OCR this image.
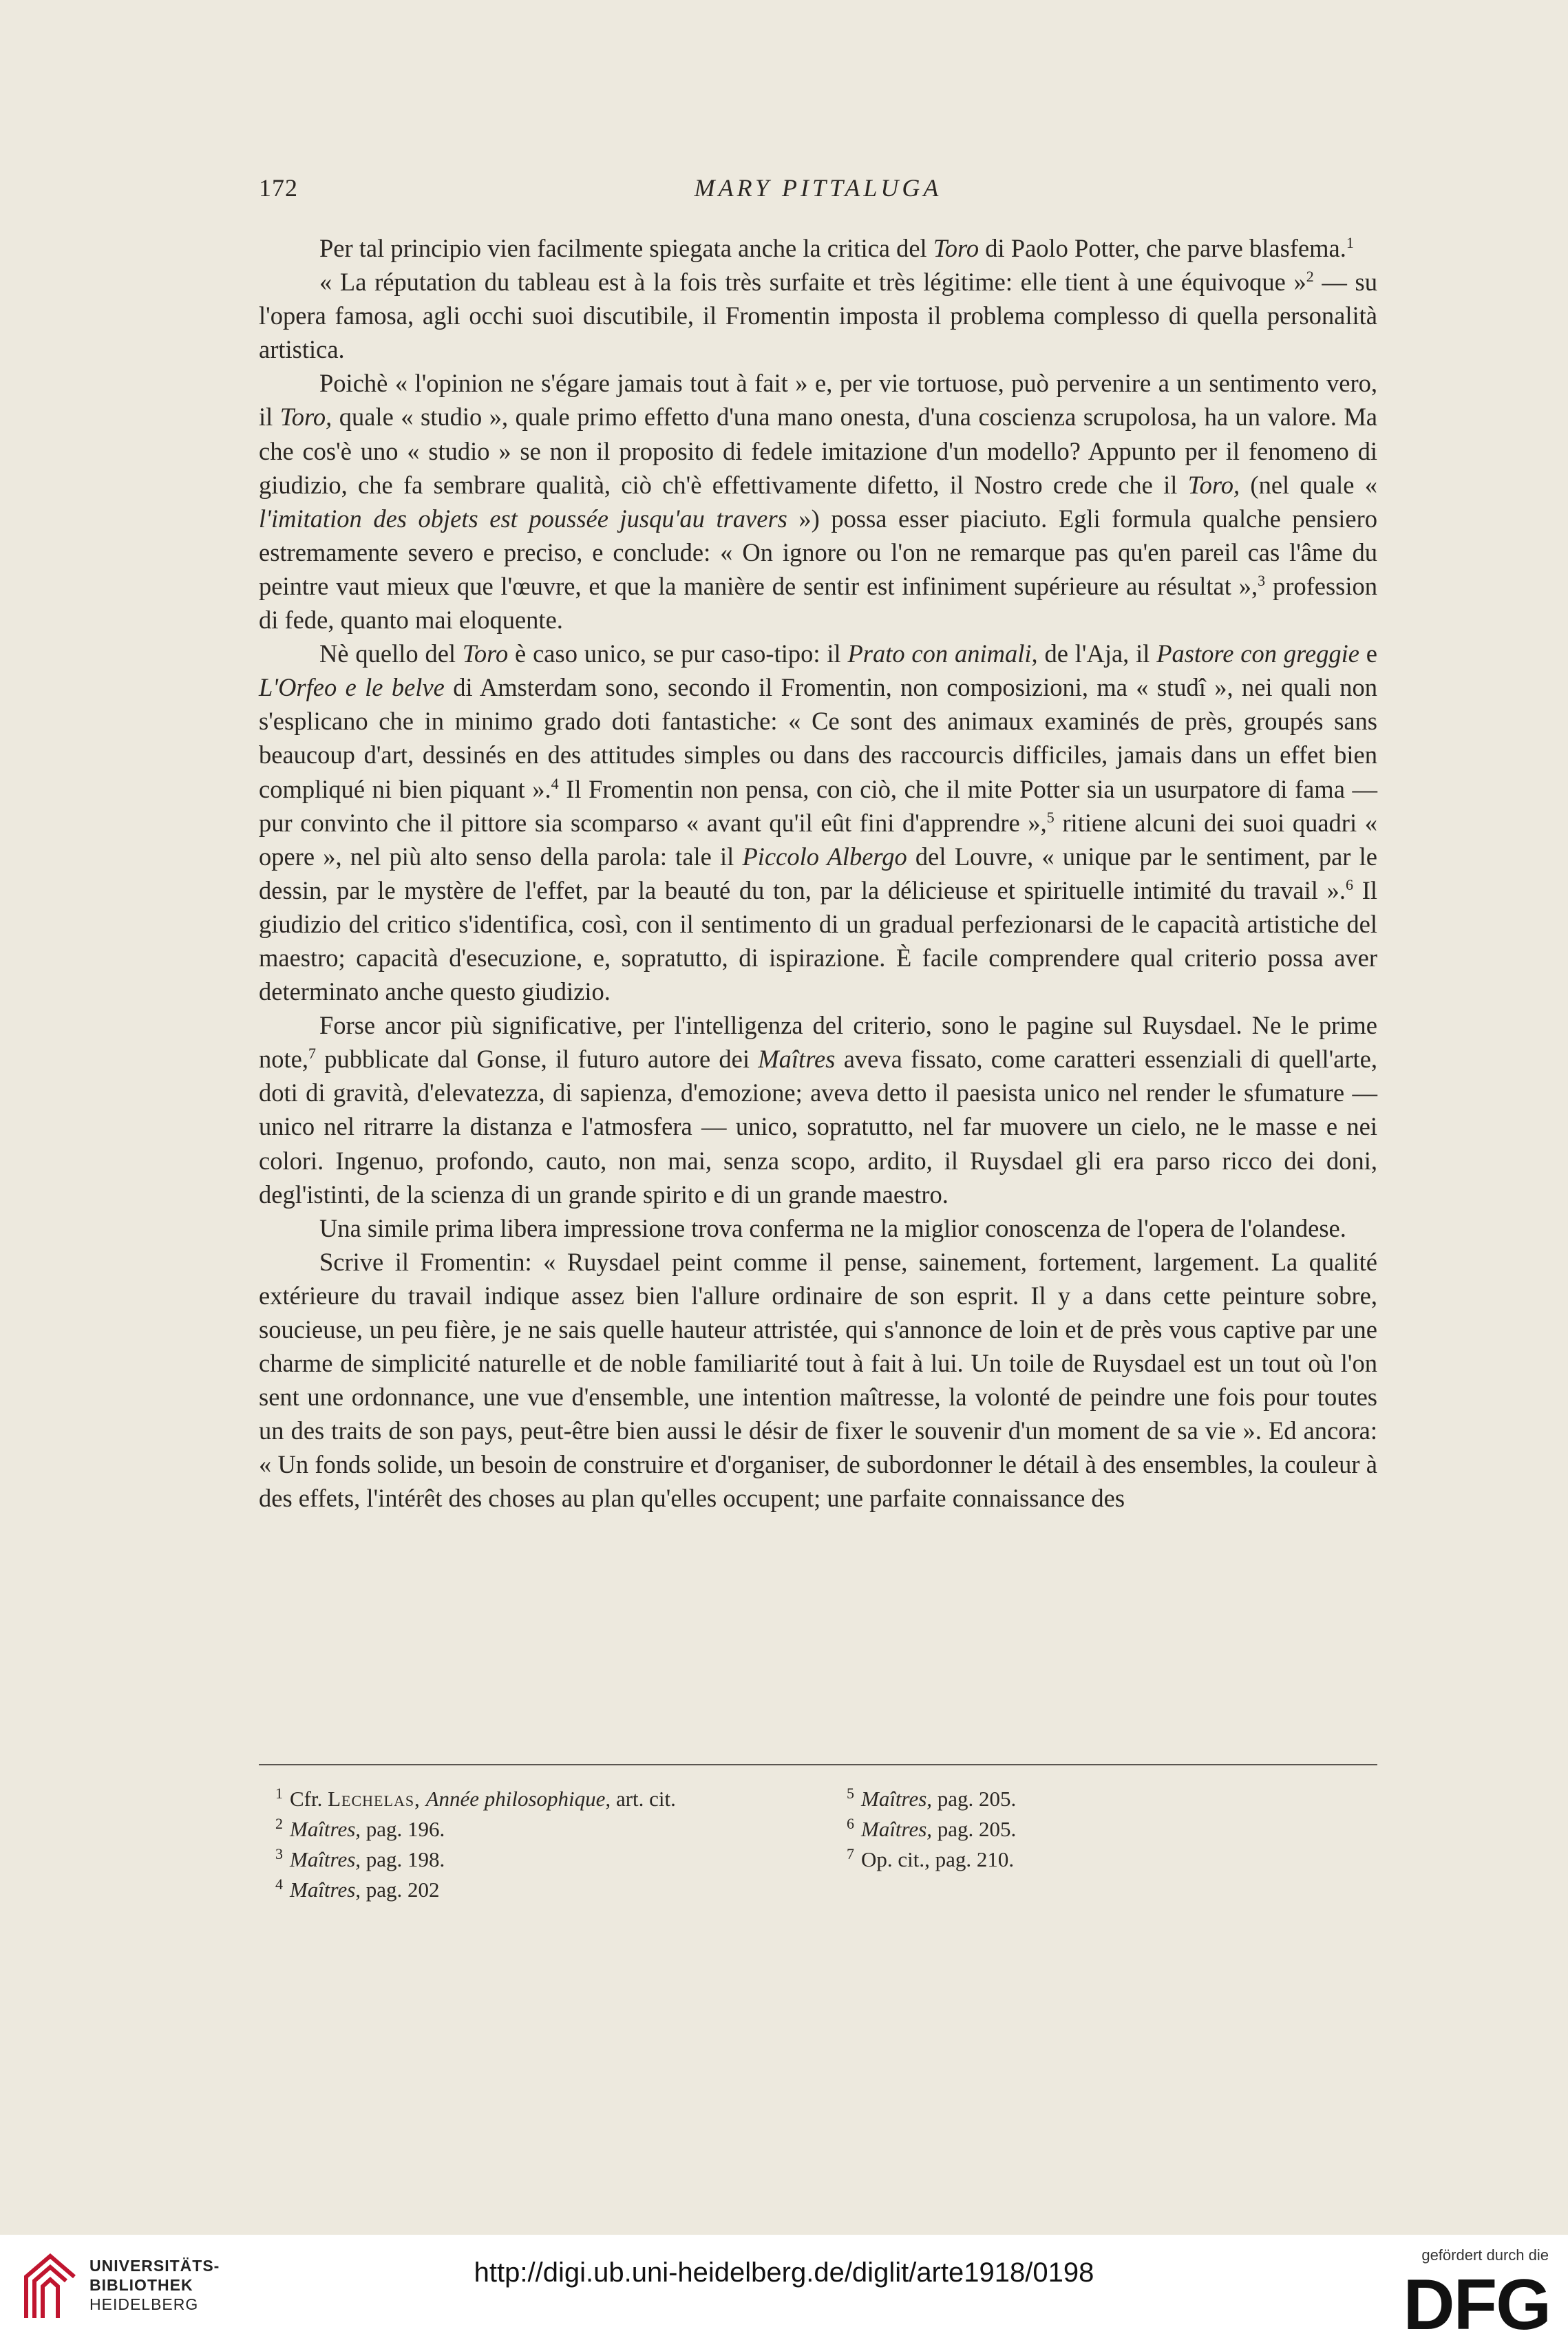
172	MARY PITTALUGA

Per tal principio vien facilmente spiegata anche la critica del Toro di Paolo Potter, che parve blasfema.$^1$

« La réputation du tableau est à la fois très surfaite et très légitime: elle tient à une équivoque »$^2$ — su l'opera famosa, agli occhi suoi discutibile, il Fromentin imposta il problema complesso di quella personalità artistica.

Poichè « l'opinion ne s'égare jamais tout à fait » e, per vie tortuose, può pervenire a un sentimento vero, il Toro, quale « studio », quale primo effetto d'una mano onesta, d'una coscienza scrupolosa, ha un valore. Ma che cos'è uno « studio » se non il proposito di fedele imitazione d'un modello? Appunto per il fenomeno di giudizio, che fa sembrare qualità, ciò ch'è effettivamente difetto, il Nostro crede che il Toro, (nel quale « l'imitation des objets est poussée jusqu'au travers ») possa esser piaciuto. Egli formula qualche pensiero estremamente severo e preciso, e conclude: « On ignore ou l'on ne remarque pas qu'en pareil cas l'âme du peintre vaut mieux que l'œuvre, et que la manière de sentir est infiniment supérieure au résultat »,$^3$ profession di fede, quanto mai eloquente.

Nè quello del Toro è caso unico, se pur caso-tipo: il Prato con animali, de l'Aja, il Pastore con greggie e L'Orfeo e le belve di Amsterdam sono, secondo il Fromentin, non composizioni, ma « studî », nei quali non s'esplicano che in minimo grado doti fantastiche: « Ce sont des animaux examinés de près, groupés sans beaucoup d'art, dessinés en des attitudes simples ou dans des raccourcis difficiles, jamais dans un effet bien compliqué ni bien piquant ».$^4$ Il Fromentin non pensa, con ciò, che il mite Potter sia un usurpatore di fama — pur convinto che il pittore sia scomparso « avant qu'il eût fini d'apprendre »,$^5$ ritiene alcuni dei suoi quadri « opere », nel più alto senso della parola: tale il Piccolo Albergo del Louvre, « unique par le sentiment, par le dessin, par le mystère de l'effet, par la beauté du ton, par la délicieuse et spirituelle intimité du travail ».$^6$ Il giudizio del critico s'identifica, così, con il sentimento di un gradual perfezionarsi de le capacità artistiche del maestro; capacità d'esecuzione, e, sopratutto, di ispirazione. È facile comprendere qual criterio possa aver determinato anche questo giudizio.

Forse ancor più significative, per l'intelligenza del criterio, sono le pagine sul Ruysdael. Ne le prime note,$^7$ pubblicate dal Gonse, il futuro autore dei Maîtres aveva fissato, come caratteri essenziali di quell'arte, doti di gravità, d'elevatezza, di sapienza, d'emozione; aveva detto il paesista unico nel render le sfumature — unico nel ritrarre la distanza e l'atmosfera — unico, sopratutto, nel far muovere un cielo, ne le masse e nei colori. Ingenuo, profondo, cauto, non mai, senza scopo, ardito, il Ruysdael gli era parso ricco dei doni, degl'istinti, de la scienza di un grande spirito e di un grande maestro.

Una simile prima libera impressione trova conferma ne la miglior conoscenza de l'opera de l'olandese.

Scrive il Fromentin: « Ruysdael peint comme il pense, sainement, fortement, largement. La qualité extérieure du travail indique assez bien l'allure ordinaire de son esprit. Il y a dans cette peinture sobre, soucieuse, un peu fière, je ne sais quelle hauteur attristée, qui s'annonce de loin et de près vous captive par une charme de simplicité naturelle et de noble familiarité tout à fait à lui. Un toile de Ruysdael est un tout où l'on sent une ordonnance, une vue d'ensemble, une intention maîtresse, la volonté de peindre une fois pour toutes un des traits de son pays, peut-être bien aussi le désir de fixer le souvenir d'un moment de sa vie ». Ed ancora: « Un fonds solide, un besoin de construire et d'organiser, de subordonner le détail à des ensembles, la couleur à des effets, l'intérêt des choses au plan qu'elles occupent; une parfaite connaissance des

$^1$ Cfr. Lechelas, Année philosophique, art. cit.
$^2$ Maîtres, pag. 196.
$^3$ Maîtres, pag. 198.
$^4$ Maîtres, pag. 202
$^5$ Maîtres, pag. 205.
$^6$ Maîtres, pag. 205.
$^7$ Op. cit., pag. 210.
UNIVERSITÄTS-
BIBLIOTHEK
HEIDELBERG
http://digi.ub.uni-heidelberg.de/diglit/arte1918/0198
gefördert durch die
DFG
